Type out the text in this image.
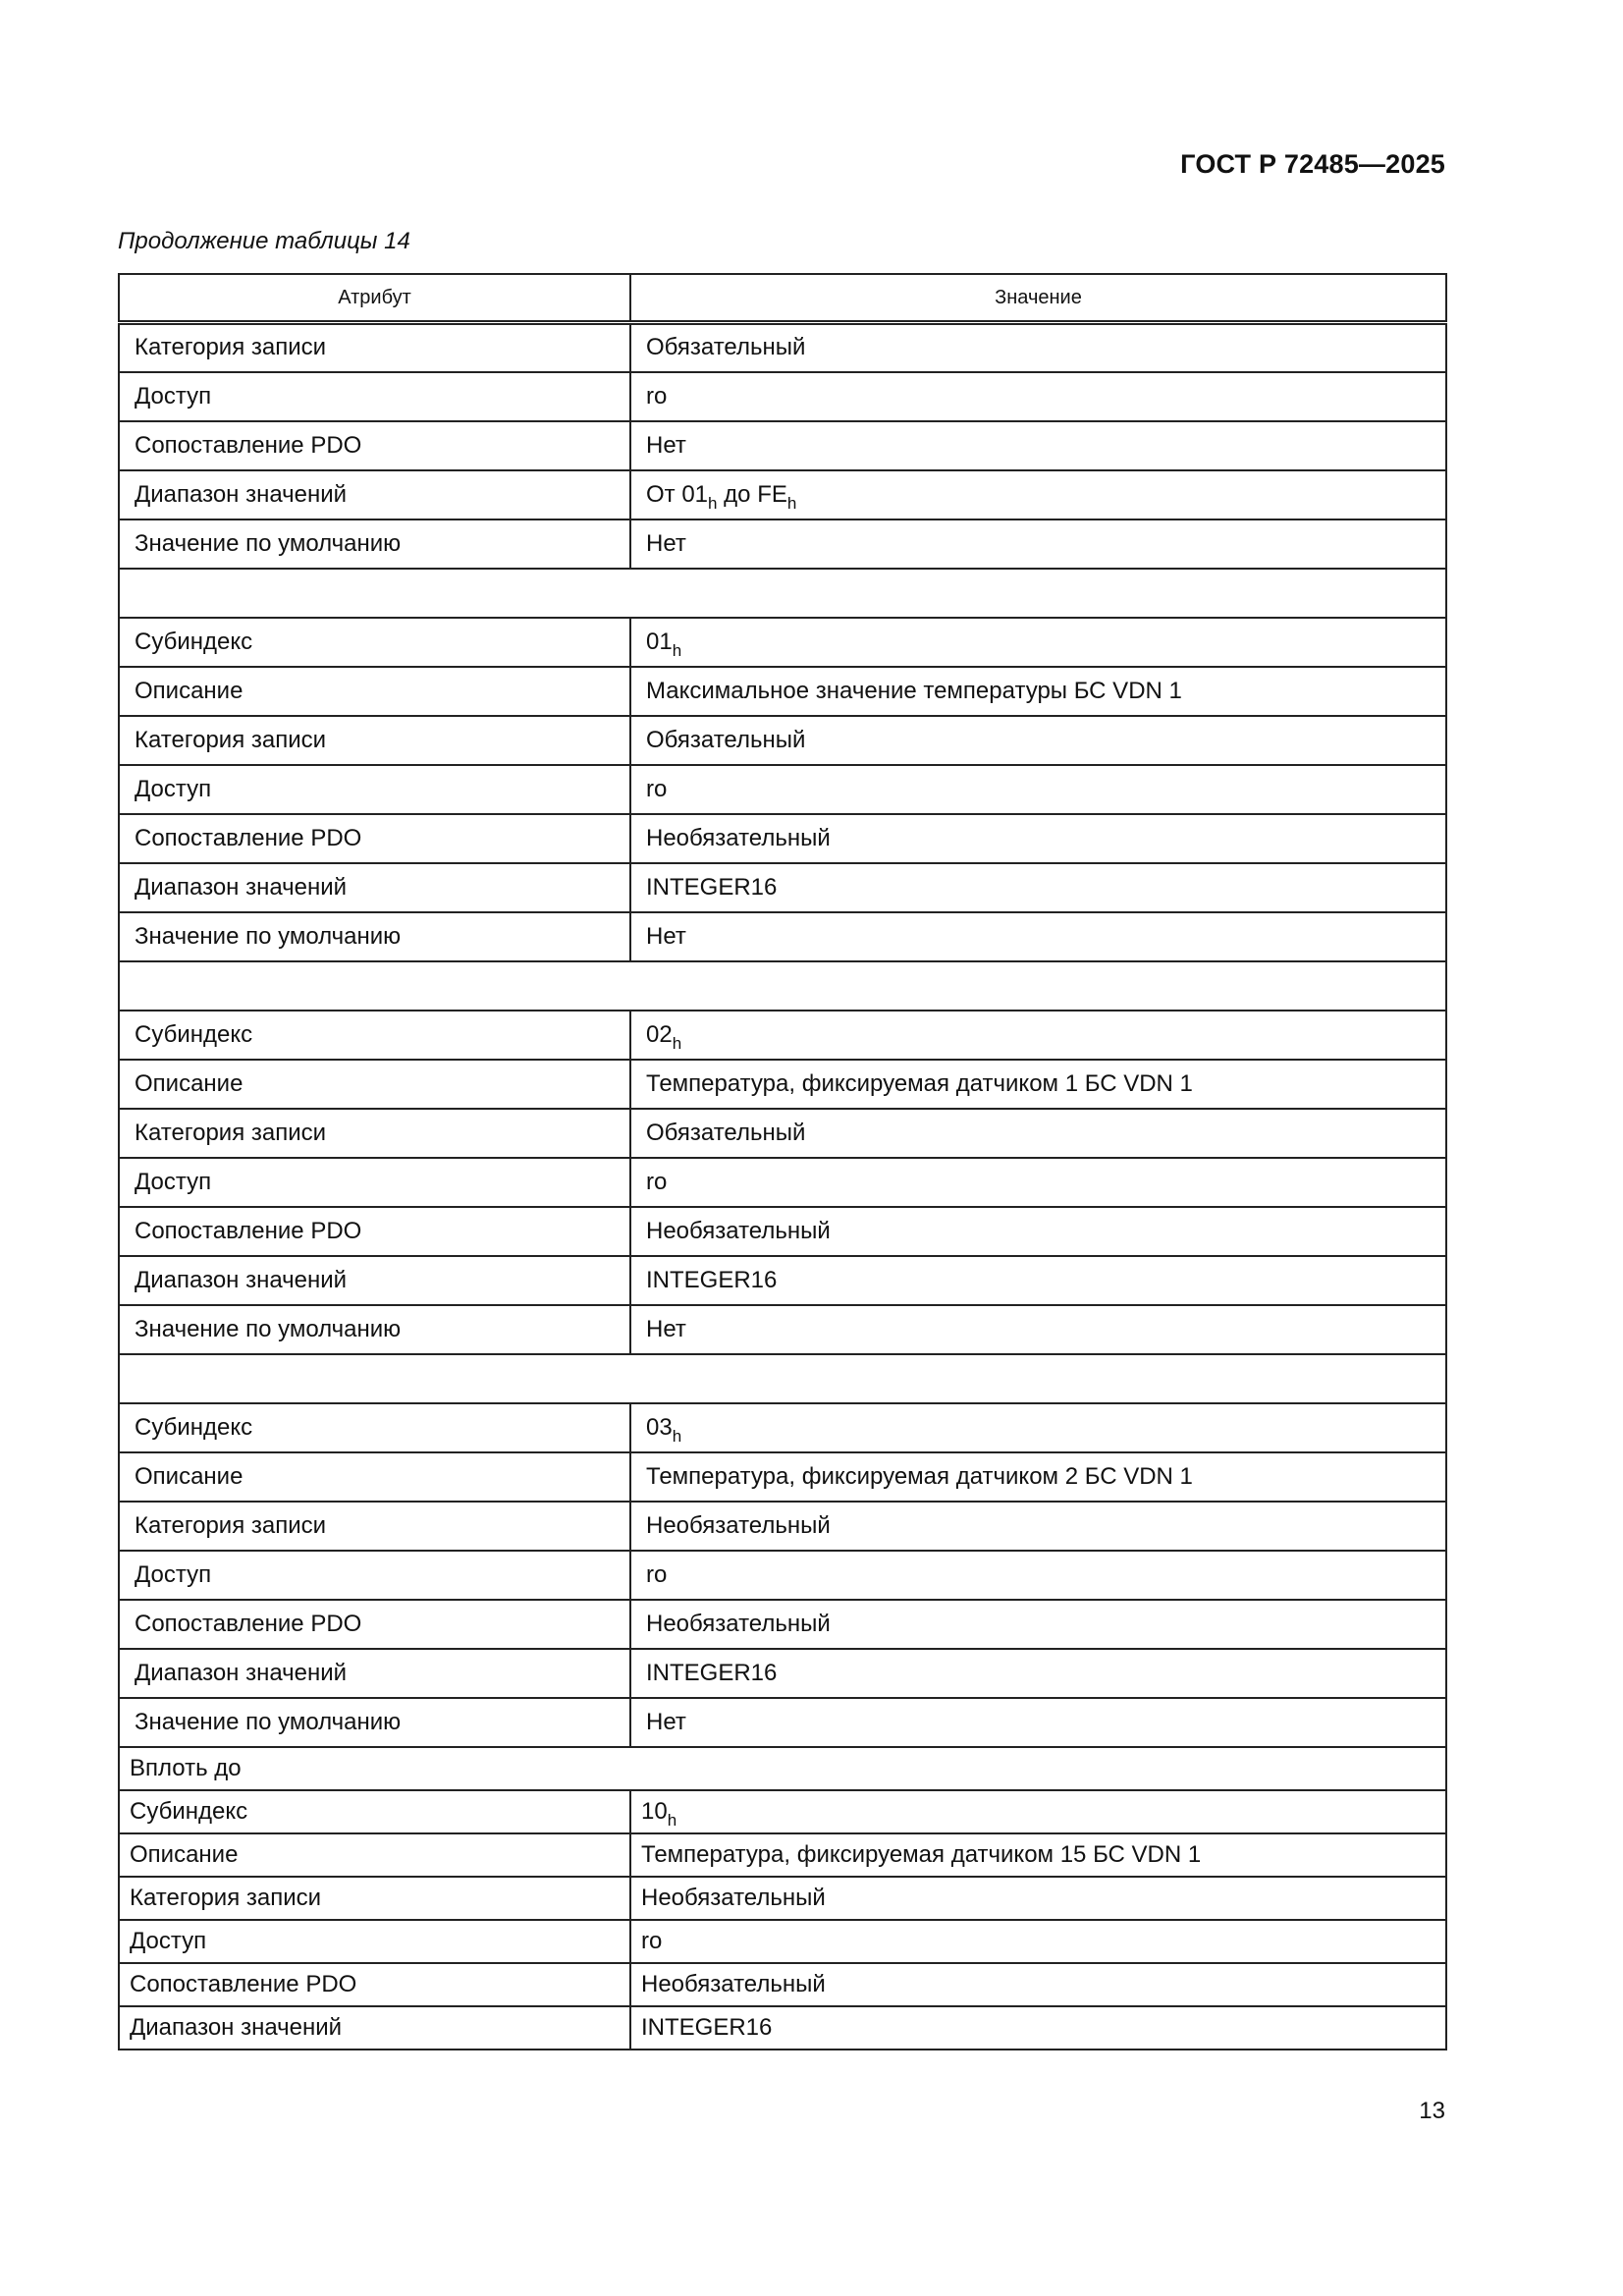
ГОСТ Р 72485—2025
Продолжение таблицы 14
Атрибут	Значение
Категория записи	Обязательный
Доступ	ro
Сопоставление PDO	Нет
Диапазон значений	От $01_h$ до $FE_h$
Значение по умолчанию	Нет

Субиндекс	$01_h$
Описание	Максимальное значение температуры БС VDN 1
Категория записи	Обязательный
Доступ	ro
Сопоставление PDO	Необязательный
Диапазон значений	INTEGER16
Значение по умолчанию	Нет

Субиндекс	$02_h$
Описание	Температура, фиксируемая датчиком 1 БС VDN 1
Категория записи	Обязательный
Доступ	ro
Сопоставление PDO	Необязательный
Диапазон значений	INTEGER16
Значение по умолчанию	Нет

Субиндекс	$03_h$
Описание	Температура, фиксируемая датчиком 2 БС VDN 1
Категория записи	Необязательный
Доступ	ro
Сопоставление PDO	Необязательный
Диапазон значений	INTEGER16
Значение по умолчанию	Нет
Вплоть до	
Субиндекс	$10_h$
Описание	Температура, фиксируемая датчиком 15 БС VDN 1
Категория записи	Необязательный
Доступ	ro
Сопоставление PDO	Необязательный
Диапазон значений	INTEGER16
13
